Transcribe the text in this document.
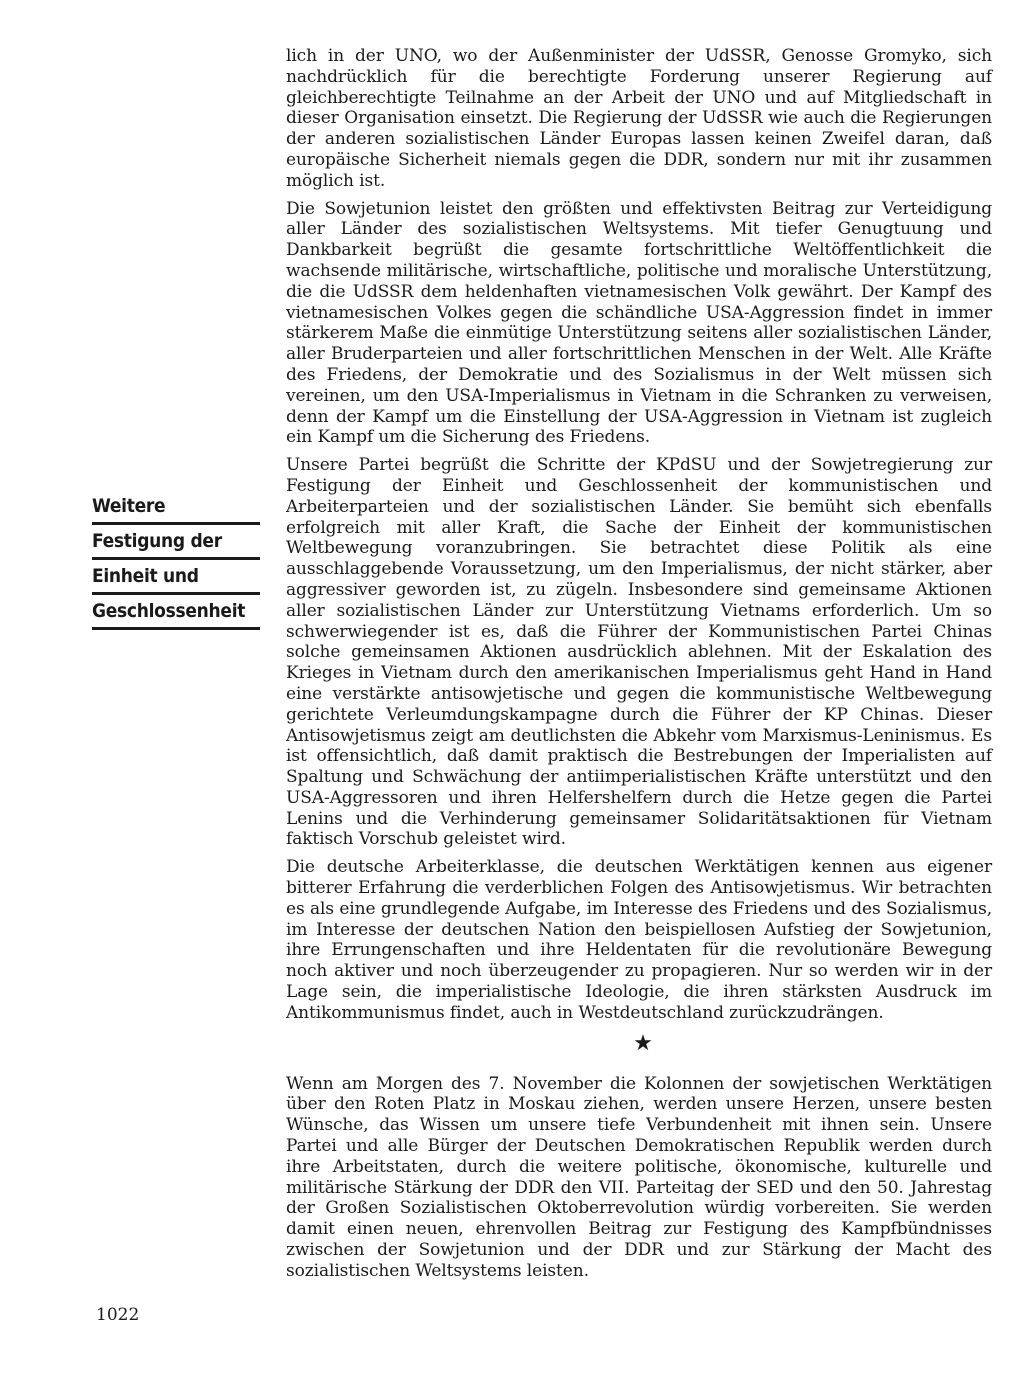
Weitere
Festigung der
Einheit und
Geschlossenheit

lich in der UNO, wo der Außenminister der UdSSR, Genosse Gromyko, sich nachdrücklich für die berechtigte Forderung unserer Regierung auf gleichberechtigte Teilnahme an der Arbeit der UNO und auf Mitgliedschaft in dieser Organisation einsetzt. Die Regierung der UdSSR wie auch die Regierungen der anderen sozialistischen Länder Europas lassen keinen Zweifel daran, daß europäische Sicherheit niemals gegen die DDR, sondern nur mit ihr zusammen möglich ist.

Die Sowjetunion leistet den größten und effektivsten Beitrag zur Verteidigung aller Länder des sozialistischen Weltsystems. Mit tiefer Genugtuung und Dankbarkeit begrüßt die gesamte fortschrittliche Weltöffentlichkeit die wachsende militärische, wirtschaftliche, politische und moralische Unterstützung, die die UdSSR dem heldenhaften vietnamesischen Volk gewährt. Der Kampf des vietnamesischen Volkes gegen die schändliche USA-Aggression findet in immer stärkerem Maße die einmütige Unterstützung seitens aller sozialistischen Länder, aller Bruderparteien und aller fortschrittlichen Menschen in der Welt. Alle Kräfte des Friedens, der Demokratie und des Sozialismus in der Welt müssen sich vereinen, um den USA-Imperialismus in Vietnam in die Schranken zu verweisen, denn der Kampf um die Einstellung der USA-Aggression in Vietnam ist zugleich ein Kampf um die Sicherung des Friedens.

Unsere Partei begrüßt die Schritte der KPdSU und der Sowjetregierung zur Festigung der Einheit und Geschlossenheit der kommunistischen und Arbeiterparteien und der sozialistischen Länder. Sie bemüht sich ebenfalls erfolgreich mit aller Kraft, die Sache der Einheit der kommunistischen Weltbewegung voranzubringen. Sie betrachtet diese Politik als eine ausschlaggebende Voraussetzung, um den Imperialismus, der nicht stärker, aber aggressiver geworden ist, zu zügeln. Insbesondere sind gemeinsame Aktionen aller sozialistischen Länder zur Unterstützung Vietnams erforderlich. Um so schwerwiegender ist es, daß die Führer der Kommunistischen Partei Chinas solche gemeinsamen Aktionen ausdrücklich ablehnen. Mit der Eskalation des Krieges in Vietnam durch den amerikanischen Imperialismus geht Hand in Hand eine verstärkte antisowjetische und gegen die kommunistische Weltbewegung gerichtete Verleumdungskampagne durch die Führer der KP Chinas. Dieser Antisowjetismus zeigt am deutlichsten die Abkehr vom Marxismus-Leninismus. Es ist offensichtlich, daß damit praktisch die Bestrebungen der Imperialisten auf Spaltung und Schwächung der antiimperialistischen Kräfte unterstützt und den USA-Aggressoren und ihren Helfershelfern durch die Hetze gegen die Partei Lenins und die Verhinderung gemeinsamer Solidaritätsaktionen für Vietnam faktisch Vorschub geleistet wird.

Die deutsche Arbeiterklasse, die deutschen Werktätigen kennen aus eigener bitterer Erfahrung die verderblichen Folgen des Antisowjetismus. Wir betrachten es als eine grundlegende Aufgabe, im Interesse des Friedens und des Sozialismus, im Interesse der deutschen Nation den beispiellosen Aufstieg der Sowjetunion, ihre Errungenschaften und ihre Heldentaten für die revolutionäre Bewegung noch aktiver und noch überzeugender zu propagieren. Nur so werden wir in der Lage sein, die imperialistische Ideologie, die ihren stärksten Ausdruck im Antikommunismus findet, auch in Westdeutschland zurückzudrängen.

★

Wenn am Morgen des 7. November die Kolonnen der sowjetischen Werktätigen über den Roten Platz in Moskau ziehen, werden unsere Herzen, unsere besten Wünsche, das Wissen um unsere tiefe Verbundenheit mit ihnen sein. Unsere Partei und alle Bürger der Deutschen Demokratischen Republik werden durch ihre Arbeitstaten, durch die weitere politische, ökonomische, kulturelle und militärische Stärkung der DDR den VII. Parteitag der SED und den 50. Jahrestag der Großen Sozialistischen Oktoberrevolution würdig vorbereiten. Sie werden damit einen neuen, ehrenvollen Beitrag zur Festigung des Kampfbündnisses zwischen der Sowjetunion und der DDR und zur Stärkung der Macht des sozialistischen Weltsystems leisten.

1022
